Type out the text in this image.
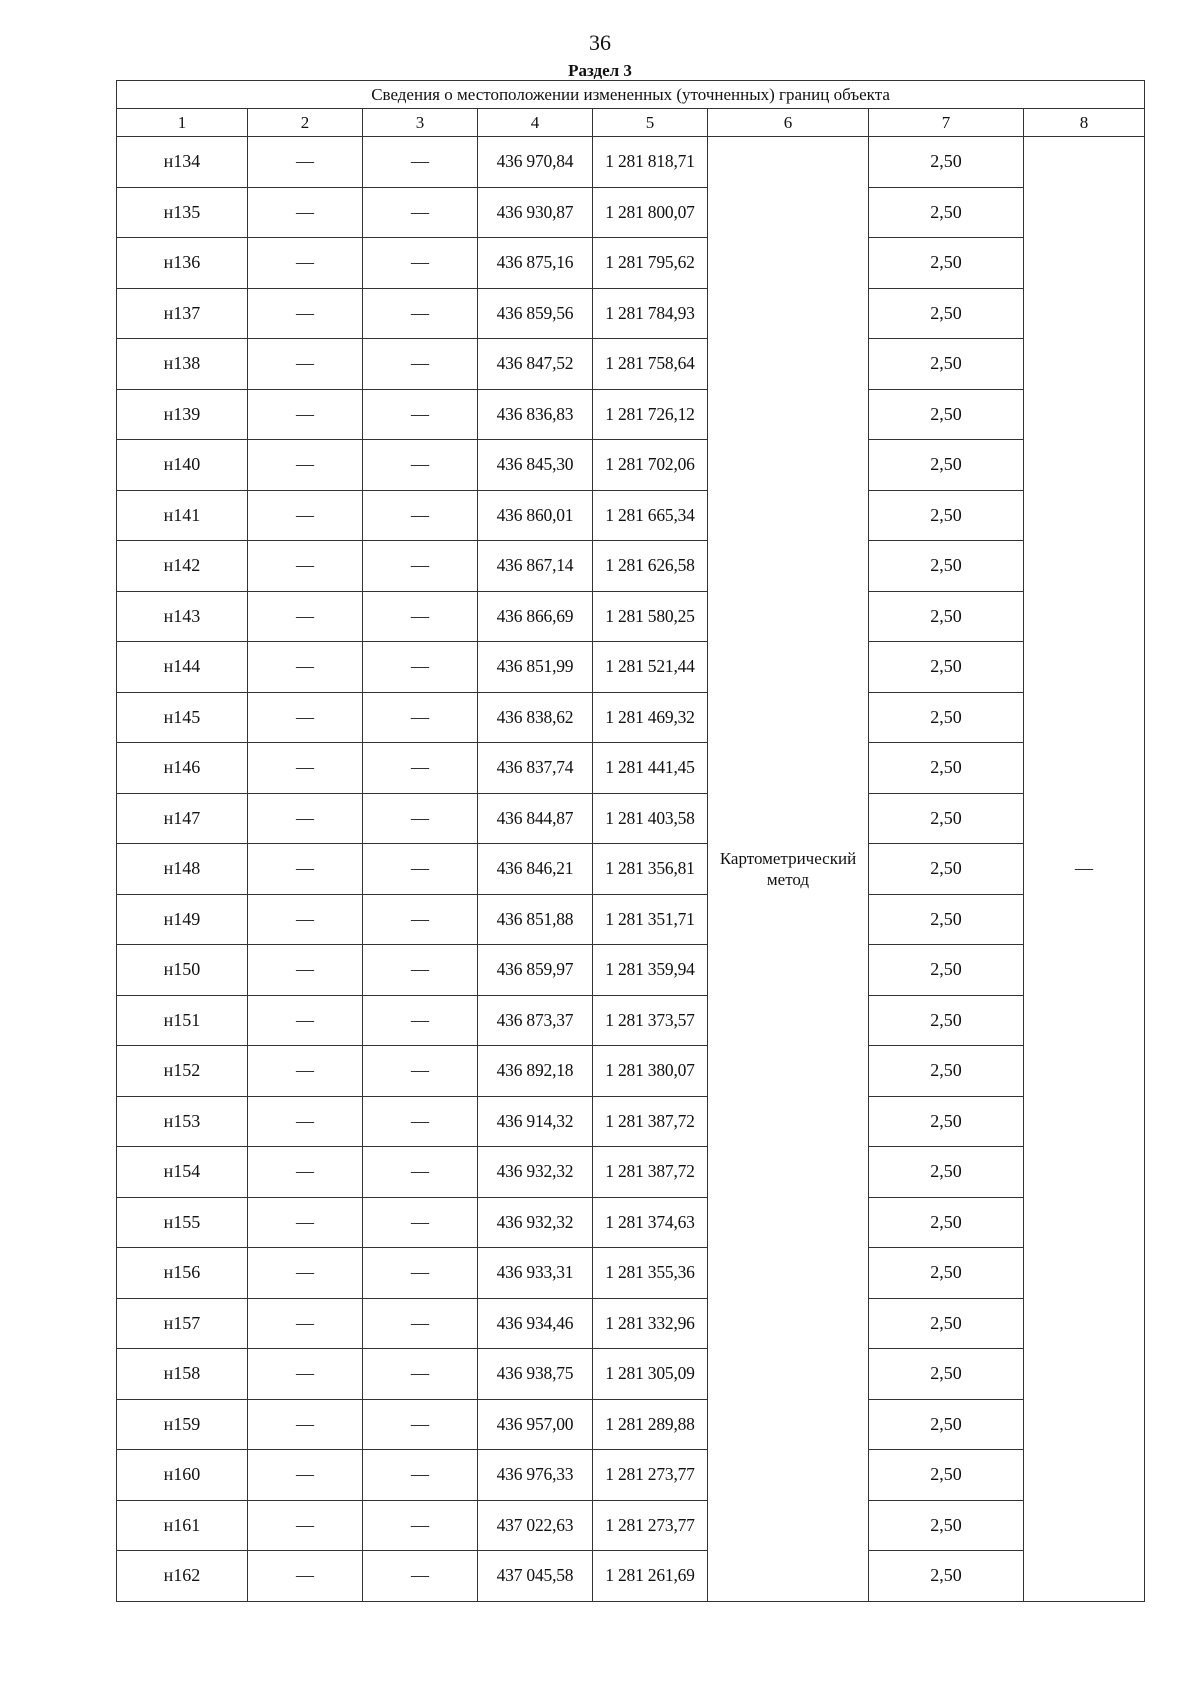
36
Раздел 3
Сведения о местоположении измененных (уточненных) границ объекта							
1	2	3	4	5	6	7	8
н134	—	—	436 970,84	1 281 818,71	Картометрический метод	2,50	—
н135	—	—	436 930,87	1 281 800,07		2,50	
н136	—	—	436 875,16	1 281 795,62		2,50	
н137	—	—	436 859,56	1 281 784,93		2,50	
н138	—	—	436 847,52	1 281 758,64		2,50	
н139	—	—	436 836,83	1 281 726,12		2,50	
н140	—	—	436 845,30	1 281 702,06		2,50	
н141	—	—	436 860,01	1 281 665,34		2,50	
н142	—	—	436 867,14	1 281 626,58		2,50	
н143	—	—	436 866,69	1 281 580,25		2,50	
н144	—	—	436 851,99	1 281 521,44		2,50	
н145	—	—	436 838,62	1 281 469,32		2,50	
н146	—	—	436 837,74	1 281 441,45		2,50	
н147	—	—	436 844,87	1 281 403,58		2,50	
н148	—	—	436 846,21	1 281 356,81		2,50	
н149	—	—	436 851,88	1 281 351,71		2,50	
н150	—	—	436 859,97	1 281 359,94		2,50	
н151	—	—	436 873,37	1 281 373,57		2,50	
н152	—	—	436 892,18	1 281 380,07		2,50	
н153	—	—	436 914,32	1 281 387,72		2,50	
н154	—	—	436 932,32	1 281 387,72		2,50	
н155	—	—	436 932,32	1 281 374,63		2,50	
н156	—	—	436 933,31	1 281 355,36		2,50	
н157	—	—	436 934,46	1 281 332,96		2,50	
н158	—	—	436 938,75	1 281 305,09		2,50	
н159	—	—	436 957,00	1 281 289,88		2,50	
н160	—	—	436 976,33	1 281 273,77		2,50	
н161	—	—	437 022,63	1 281 273,77		2,50	
н162	—	—	437 045,58	1 281 261,69		2,50	
